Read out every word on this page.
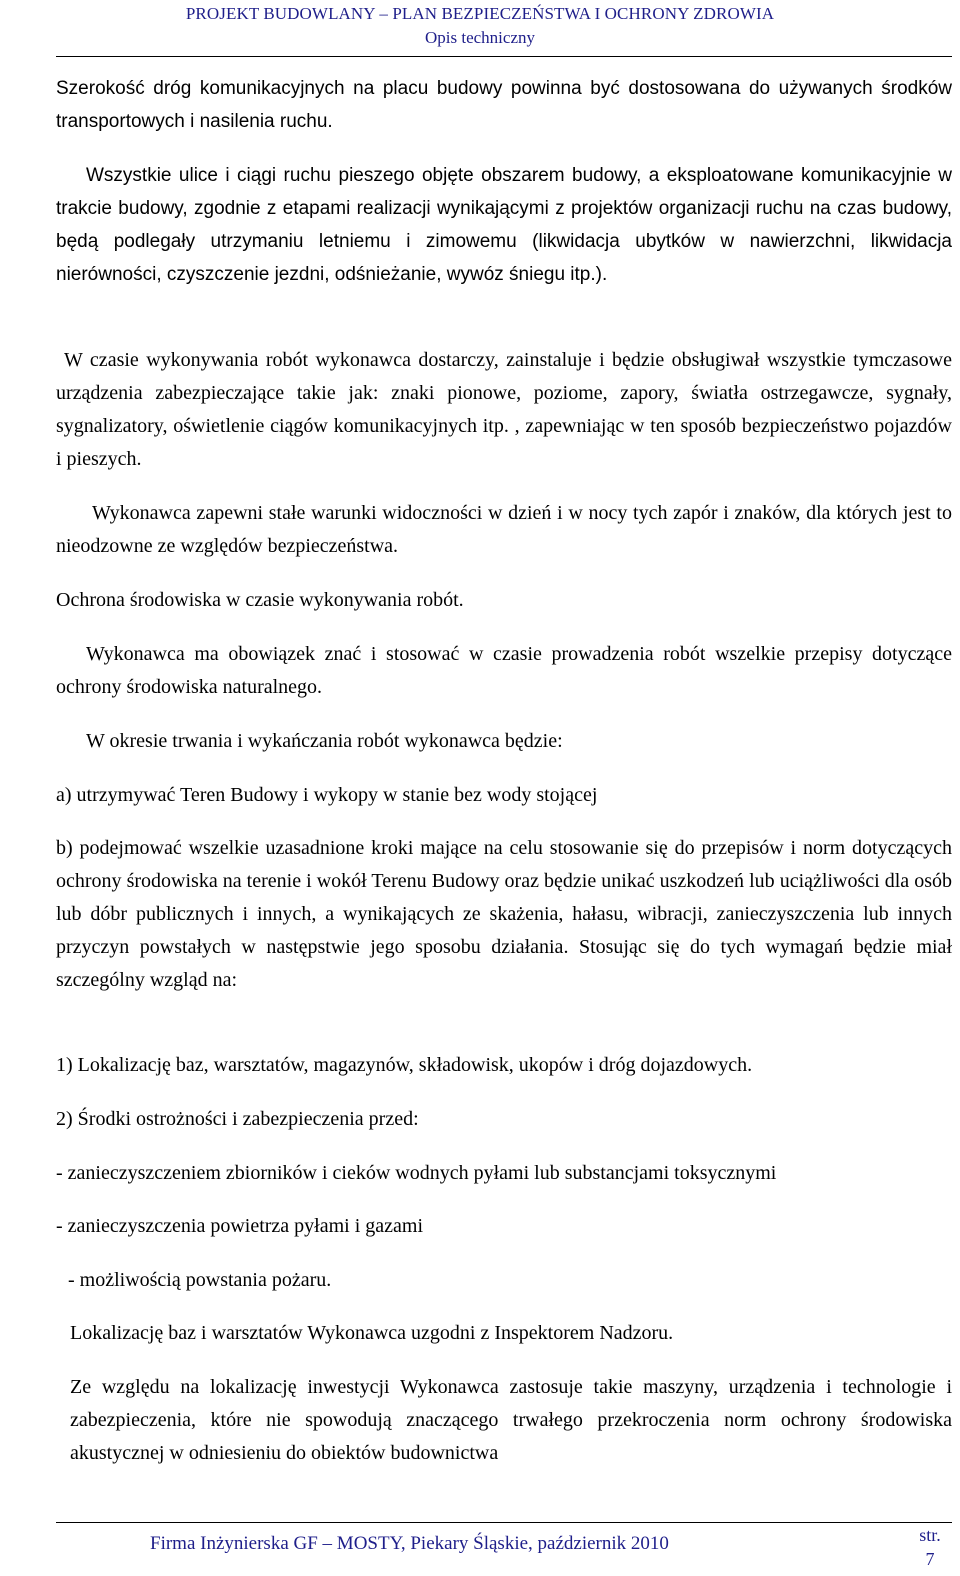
PROJEKT BUDOWLANY – PLAN BEZPIECZEŃSTWA I OCHRONY ZDROWIA
Opis techniczny

Szerokość dróg komunikacyjnych na placu budowy powinna być dostosowana do używanych środków transportowych i nasilenia ruchu.

Wszystkie ulice i ciągi ruchu pieszego objęte obszarem budowy, a eksploatowane komunikacyjnie w trakcie budowy, zgodnie z etapami realizacji wynikającymi z projektów organizacji ruchu na czas budowy, będą podlegały utrzymaniu letniemu i zimowemu (likwidacja ubytków w nawierzchni, likwidacja nierówności, czyszczenie jezdni, odśnieżanie, wywóz śniegu itp.).

W czasie wykonywania robót wykonawca dostarczy, zainstaluje i będzie obsługiwał wszystkie tymczasowe urządzenia zabezpieczające takie jak: znaki pionowe, poziome, zapory, światła ostrzegawcze, sygnały, sygnalizatory, oświetlenie ciągów komunikacyjnych itp. , zapewniając w ten sposób bezpieczeństwo pojazdów i pieszych.

Wykonawca zapewni stałe warunki widoczności w dzień i w nocy tych zapór i znaków, dla których jest to nieodzowne ze względów bezpieczeństwa.

Ochrona środowiska w czasie wykonywania robót.

Wykonawca ma obowiązek znać i stosować w czasie prowadzenia robót wszelkie przepisy dotyczące ochrony środowiska naturalnego.

W okresie trwania i wykańczania robót wykonawca będzie:

a) utrzymywać Teren Budowy i wykopy w stanie bez wody stojącej

b) podejmować wszelkie uzasadnione kroki mające na celu stosowanie się do przepisów i norm dotyczących ochrony środowiska na terenie i wokół Terenu Budowy oraz będzie unikać uszkodzeń lub uciążliwości dla osób lub dóbr publicznych i innych, a wynikających ze skażenia, hałasu, wibracji, zanieczyszczenia lub innych przyczyn powstałych w następstwie jego sposobu działania. Stosując się do tych wymagań będzie miał szczególny wzgląd na:

1) Lokalizację baz, warsztatów, magazynów, składowisk, ukopów i dróg dojazdowych.

2) Środki ostrożności i zabezpieczenia przed:

- zanieczyszczeniem zbiorników i cieków wodnych pyłami lub substancjami toksycznymi

- zanieczyszczenia powietrza pyłami i gazami

- możliwością powstania pożaru.

Lokalizację baz i warsztatów Wykonawca uzgodni z Inspektorem Nadzoru.

Ze względu na lokalizację inwestycji Wykonawca zastosuje takie maszyny, urządzenia i technologie i zabezpieczenia, które nie spowodują znaczącego trwałego przekroczenia norm ochrony środowiska akustycznej w odniesieniu do obiektów budownictwa

Firma Inżynierska GF – MOSTY, Piekary Śląskie, październik 2010	str.
7
